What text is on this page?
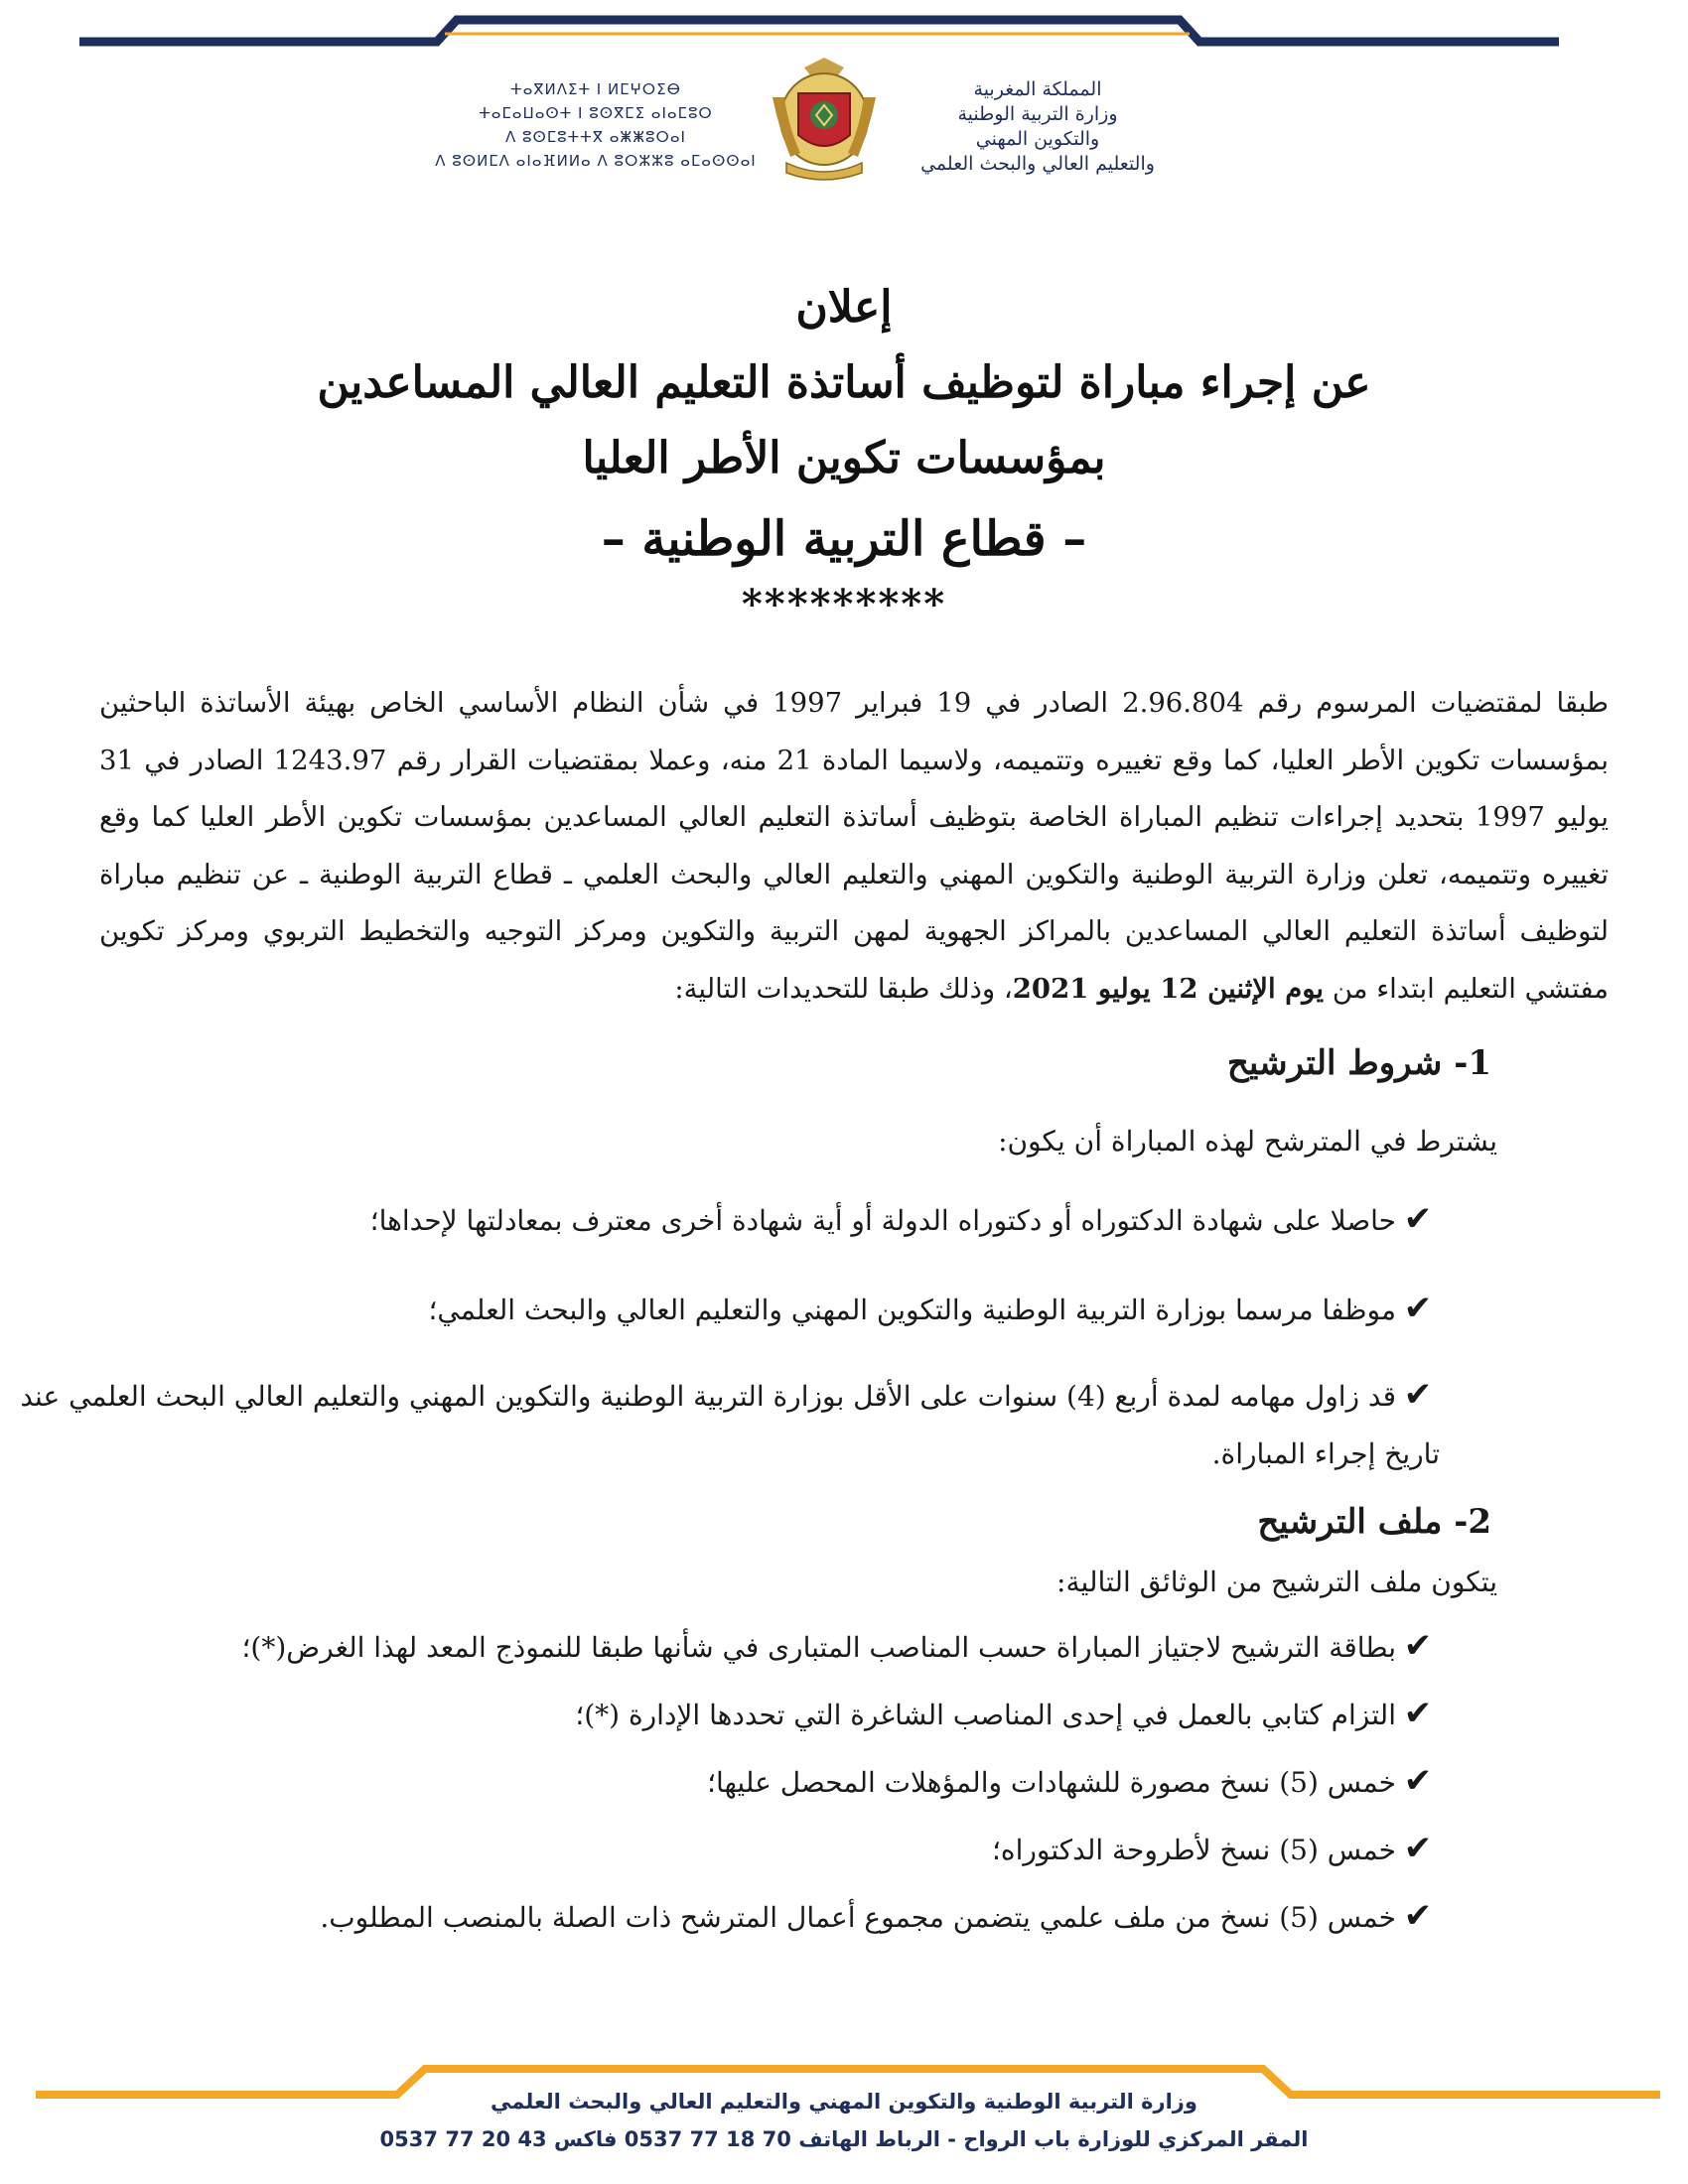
المملكة المغربية
وزارة التربية الوطنية
والتكوين المهني
والتعليم العالي والبحث العلمي
ⵜⴰⴳⵍⴷⵉⵜ ⵏ ⵍⵎⵖⵔⵉⴱ
ⵜⴰⵎⴰⵡⴰⵙⵜ ⵏ ⵓⵙⴳⵎⵉ ⴰⵏⴰⵎⵓⵔ
ⴷ ⵓⵙⵎⵓⵜⵜⴳ ⴰⵥⵥⵓⵔⴰⵏ
ⴷ ⵓⵙⵍⵎⴷ ⴰⵏⴰⴼⵍⵍⴰ ⴷ ⵓⵔⵣⵣⵓ ⴰⵎⴰⵙⵙⴰⵏ
إعلان
عن إجراء مباراة لتوظيف أساتذة التعليم العالي المساعدين
بمؤسسات تكوين الأطر العليا
– قطاع التربية الوطنية –
*********
طبقا لمقتضيات المرسوم رقم 2.96.804 الصادر في 19 فبراير 1997 في شأن النظام الأساسي الخاص بهيئة الأساتذة الباحثين بمؤسسات تكوين الأطر العليا، كما وقع تغييره وتتميمه، ولاسيما المادة 21 منه، وعملا بمقتضيات القرار رقم 1243.97 الصادر في 31 يوليو 1997 بتحديد إجراءات تنظيم المباراة الخاصة بتوظيف أساتذة التعليم العالي المساعدين بمؤسسات تكوين الأطر العليا كما وقع تغييره وتتميمه، تعلن وزارة التربية الوطنية والتكوين المهني والتعليم العالي والبحث العلمي ـ قطاع التربية الوطنية ـ عن تنظيم مباراة لتوظيف أساتذة التعليم العالي المساعدين بالمراكز الجهوية لمهن التربية والتكوين ومركز التوجيه والتخطيط التربوي ومركز تكوين مفتشي التعليم ابتداء من يوم الإثنين 12 يوليو 2021، وذلك طبقا للتحديدات التالية:
1- شروط الترشيح
يشترط في المترشح لهذه المباراة أن يكون:
✔حاصلا على شهادة الدكتوراه أو دكتوراه الدولة أو أية شهادة أخرى معترف بمعادلتها لإحداها؛
✔موظفا مرسما بوزارة التربية الوطنية والتكوين المهني والتعليم العالي والبحث العلمي؛
✔قد زاول مهامه لمدة أربع (4) سنوات على الأقل بوزارة التربية الوطنية والتكوين المهني والتعليم العالي البحث العلمي عند تاريخ إجراء المباراة.
2- ملف الترشيح
يتكون ملف الترشيح من الوثائق التالية:
✔بطاقة الترشيح لاجتياز المباراة حسب المناصب المتبارى في شأنها طبقا للنموذج المعد لهذا الغرض(*)؛
✔التزام كتابي بالعمل في إحدى المناصب الشاغرة التي تحددها الإدارة (*)؛
✔خمس (5) نسخ مصورة للشهادات والمؤهلات المحصل عليها؛
✔خمس (5) نسخ لأطروحة الدكتوراه؛
✔خمس (5) نسخ من ملف علمي يتضمن مجموع أعمال المترشح ذات الصلة بالمنصب المطلوب.
وزارة التربية الوطنية والتكوين المهني والتعليم العالي والبحث العلمي
المقر المركزي للوزارة باب الرواح - الرباط الهاتف 70 18 77 0537 فاكس 43 20 77 0537
